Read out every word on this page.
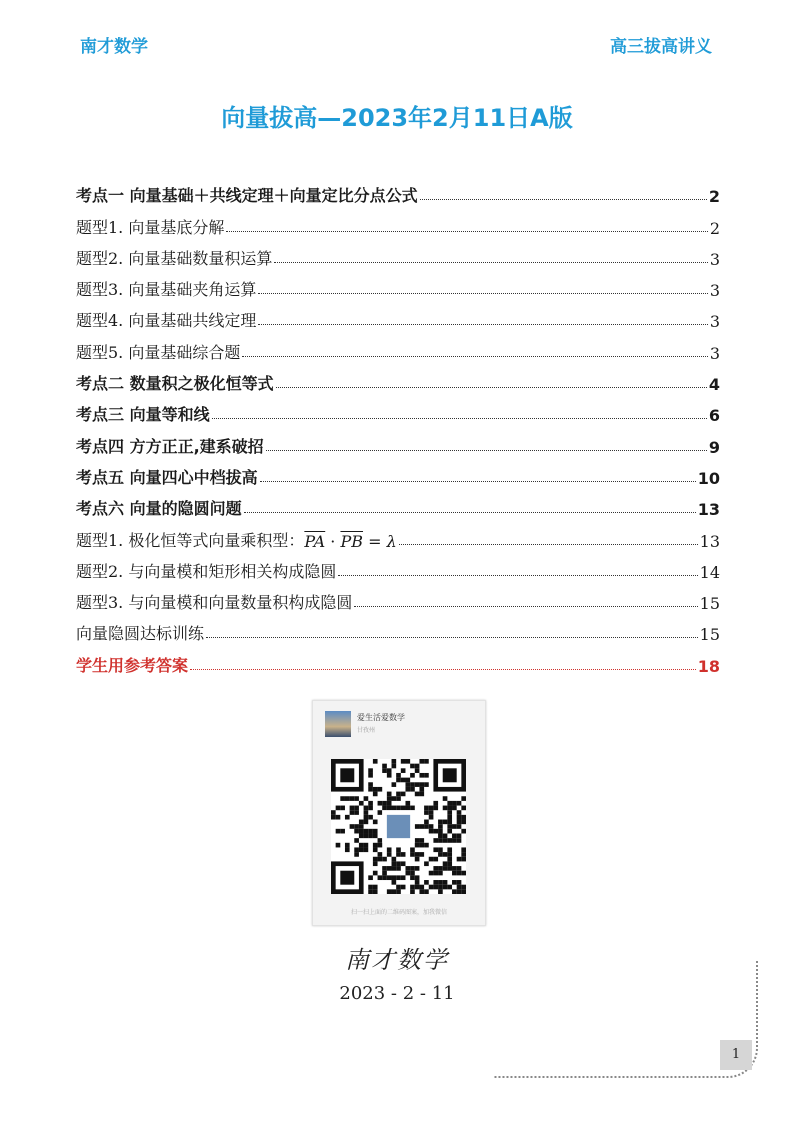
南才数学	高三拔高讲义
向量拔高—2023年2月11日A版
考点一 向量基础＋共线定理＋向量定比分点公式	2
题型1. 向量基底分解	2
题型2. 向量基础数量积运算	3
题型3. 向量基础夹角运算	3
题型4. 向量基础共线定理	3
题型5. 向量基础综合题	3
考点二 数量积之极化恒等式	4
考点三 向量等和线	6
考点四 方方正正,建系破招	9
考点五 向量四心中档拔高	10
考点六 向量的隐圆问题	13
题型1. 极化恒等式向量乘积型： $\overline{PA} \cdot \overline{PB} = \lambda$	13
题型2. 与向量模和矩形相关构成隐圆	14
题型3. 与向量模和向量数量积构成隐圆	15
向量隐圆达标训练	15
学生用参考答案	18
爱生活爱数学
甘孜州
扫一扫上面的二维码图案，加我微信
南才数学
2023 - 2 - 11
1
